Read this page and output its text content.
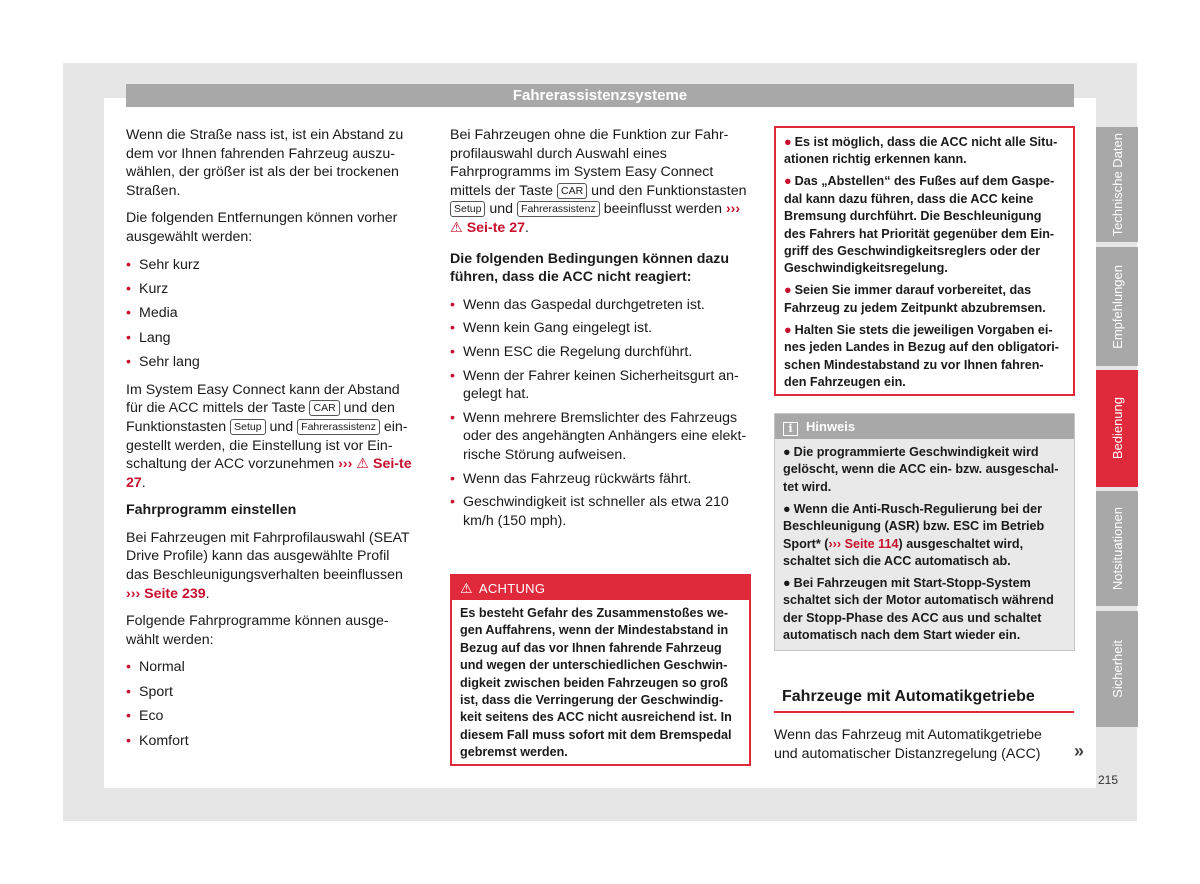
Fahrerassistenzsysteme

Wenn die Straße nass ist, ist ein Abstand zu dem vor Ihnen fahrenden Fahrzeug auszu-wählen, der größer ist als der bei trockenen Straßen.

Die folgenden Entfernungen können vorher ausgewählt werden:

• Sehr kurz
• Kurz
• Media
• Lang
• Sehr lang

Im System Easy Connect kann der Abstand für die ACC mittels der Taste CAR und den Funktionstasten Setup und Fahrerassistenz ein-gestellt werden, die Einstellung ist vor Ein-schaltung der ACC vorzunehmen ››› ⚠ Sei-te 27.

Fahrprogramm einstellen

Bei Fahrzeugen mit Fahrprofilauswahl (SEAT Drive Profile) kann das ausgewählte Profil das Beschleunigungsverhalten beeinflussen ››› Seite 239.

Folgende Fahrprogramme können ausge-wählt werden:

• Normal
• Sport
• Eco
• Komfort

Bei Fahrzeugen ohne die Funktion zur Fahr-profilauswahl durch Auswahl eines Fahrprogramms im System Easy Connect mittels der Taste CAR und den Funktionstasten Setup und Fahrerassistenz beeinflusst werden ››› ⚠ Sei-te 27.

Die folgenden Bedingungen können dazu führen, dass die ACC nicht reagiert:

• Wenn das Gaspedal durchgetreten ist.
• Wenn kein Gang eingelegt ist.
• Wenn ESC die Regelung durchführt.
• Wenn der Fahrer keinen Sicherheitsgurt an-gelegt hat.
• Wenn mehrere Bremslichter des Fahrzeugs oder des angehängten Anhängers eine elekt-rische Störung aufweisen.
• Wenn das Fahrzeug rückwärts fährt.
• Geschwindigkeit ist schneller als etwa 210 km/h (150 mph).
⚠ ACHTUNG
Es besteht Gefahr des Zusammenstoßes we-gen Auffahrens, wenn der Mindestabstand in Bezug auf das vor Ihnen fahrende Fahrzeug und wegen der unterschiedlichen Geschwin-digkeit zwischen beiden Fahrzeugen so groß ist, dass die Verringerung der Geschwindig-keit seitens des ACC nicht ausreichend ist. In diesem Fall muss sofort mit dem Bremspedal gebremst werden.
● Es ist möglich, dass die ACC nicht alle Situ-ationen richtig erkennen kann.
● Das „Abstellen“ des Fußes auf dem Gaspe-dal kann dazu führen, dass die ACC keine Bremsung durchführt. Die Beschleunigung des Fahrers hat Priorität gegenüber dem Ein-griff des Geschwindigkeitsreglers oder der Geschwindigkeitsregelung.
● Seien Sie immer darauf vorbereitet, das Fahrzeug zu jedem Zeitpunkt abzubremsen.
● Halten Sie stets die jeweiligen Vorgaben ei-nes jeden Landes in Bezug auf den obligatori-schen Mindestabstand zu vor Ihnen fahren-den Fahrzeugen ein.
i Hinweis
● Die programmierte Geschwindigkeit wird gelöscht, wenn die ACC ein- bzw. ausgeschal-tet wird.
● Wenn die Anti-Rusch-Regulierung bei der Beschleunigung (ASR) bzw. ESC im Betrieb Sport* (››› Seite 114) ausgeschaltet wird, schaltet sich die ACC automatisch ab.
● Bei Fahrzeugen mit Start-Stopp-System schaltet sich der Motor automatisch während der Stopp-Phase des ACC aus und schaltet automatisch nach dem Start wieder ein.
Fahrzeuge mit Automatikgetriebe
Wenn das Fahrzeug mit Automatikgetriebe und automatischer Distanzregelung (ACC)	»
215
Technische Daten
Empfehlungen
Bedienung
Notsituationen
Sicherheit
